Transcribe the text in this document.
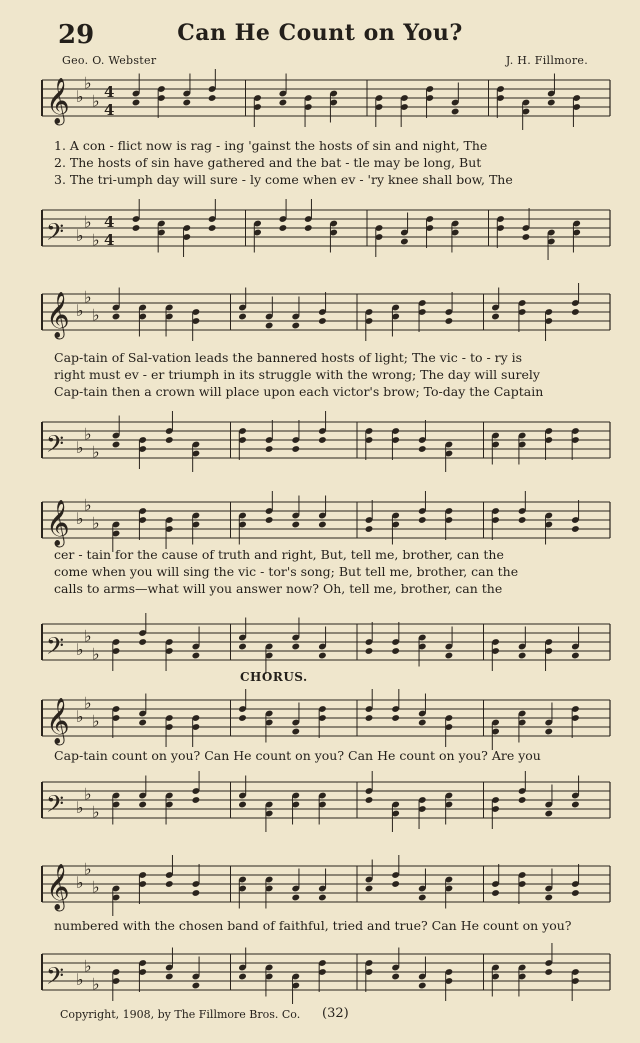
29	Can He Count on You?
Geo. O. Webster	J. H. Fillmore.
𝄞 ♭
♭
♭ 4
4
1. A con - flict now is rag - ing 'gainst the hosts of sin and night, The
2. The hosts of sin have gathered and the bat - tle may be long, But
3. The tri-umph day will sure - ly come when ev - 'ry knee shall bow, The
𝄢 ♭
♭
♭
4
4
𝄞 ♭
♭
♭
Cap-tain of Sal-vation leads the bannered hosts of light; The vic - to - ry is
right must ev - er triumph in its struggle with the wrong; The day will surely
Cap-tain then a crown will place upon each victor's brow; To-day the Captain
𝄢 ♭
♭
♭
𝄞 ♭
♭
♭
cer - tain for the cause of truth and right, But, tell me, brother, can the
come when you will sing the vic - tor's song; But tell me, brother, can the
calls to arms—what will you answer now? Oh, tell me, brother, can the
𝄢 ♭
♭
♭
CHORUS.
𝄞 ♭
♭
♭
Cap-tain count on you? Can He count on you? Can He count on you? Are you
𝄢 ♭
♭
♭
𝄞 ♭
♭
♭
numbered with the chosen band of faithful, tried and true? Can He count on you?
𝄢 ♭
♭
♭
Copyright, 1908, by The Fillmore Bros. Co. (32)
